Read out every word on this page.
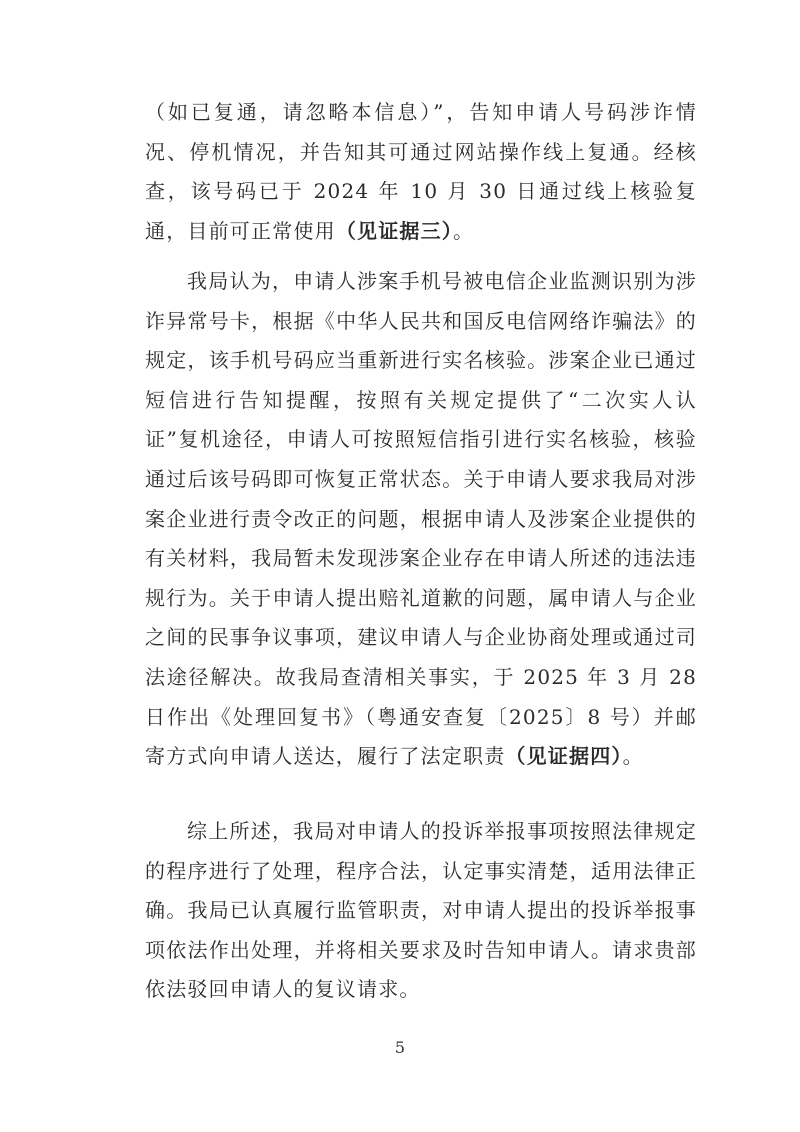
（如已复通，请忽略本信息）”，告知申请人号码涉诈情况、停机情况，并告知其可通过网站操作线上复通。经核查，该号码已于 2024 年 10 月 30 日通过线上核验复通，目前可正常使用（见证据三）。

我局认为，申请人涉案手机号被电信企业监测识别为涉诈异常号卡，根据《中华人民共和国反电信网络诈骗法》的规定，该手机号码应当重新进行实名核验。涉案企业已通过短信进行告知提醒，按照有关规定提供了“二次实人认证”复机途径，申请人可按照短信指引进行实名核验，核验通过后该号码即可恢复正常状态。关于申请人要求我局对涉案企业进行责令改正的问题，根据申请人及涉案企业提供的有关材料，我局暂未发现涉案企业存在申请人所述的违法违规行为。关于申请人提出赔礼道歉的问题，属申请人与企业之间的民事争议事项，建议申请人与企业协商处理或通过司法途径解决。故我局查清相关事实，于 2025 年 3 月 28 日作出《处理回复书》（粤通安查复〔2025〕8 号）并邮寄方式向申请人送达，履行了法定职责（见证据四）。

综上所述，我局对申请人的投诉举报事项按照法律规定的程序进行了处理，程序合法，认定事实清楚，适用法律正确。我局已认真履行监管职责，对申请人提出的投诉举报事项依法作出处理，并将相关要求及时告知申请人。请求贵部依法驳回申请人的复议请求。

5
